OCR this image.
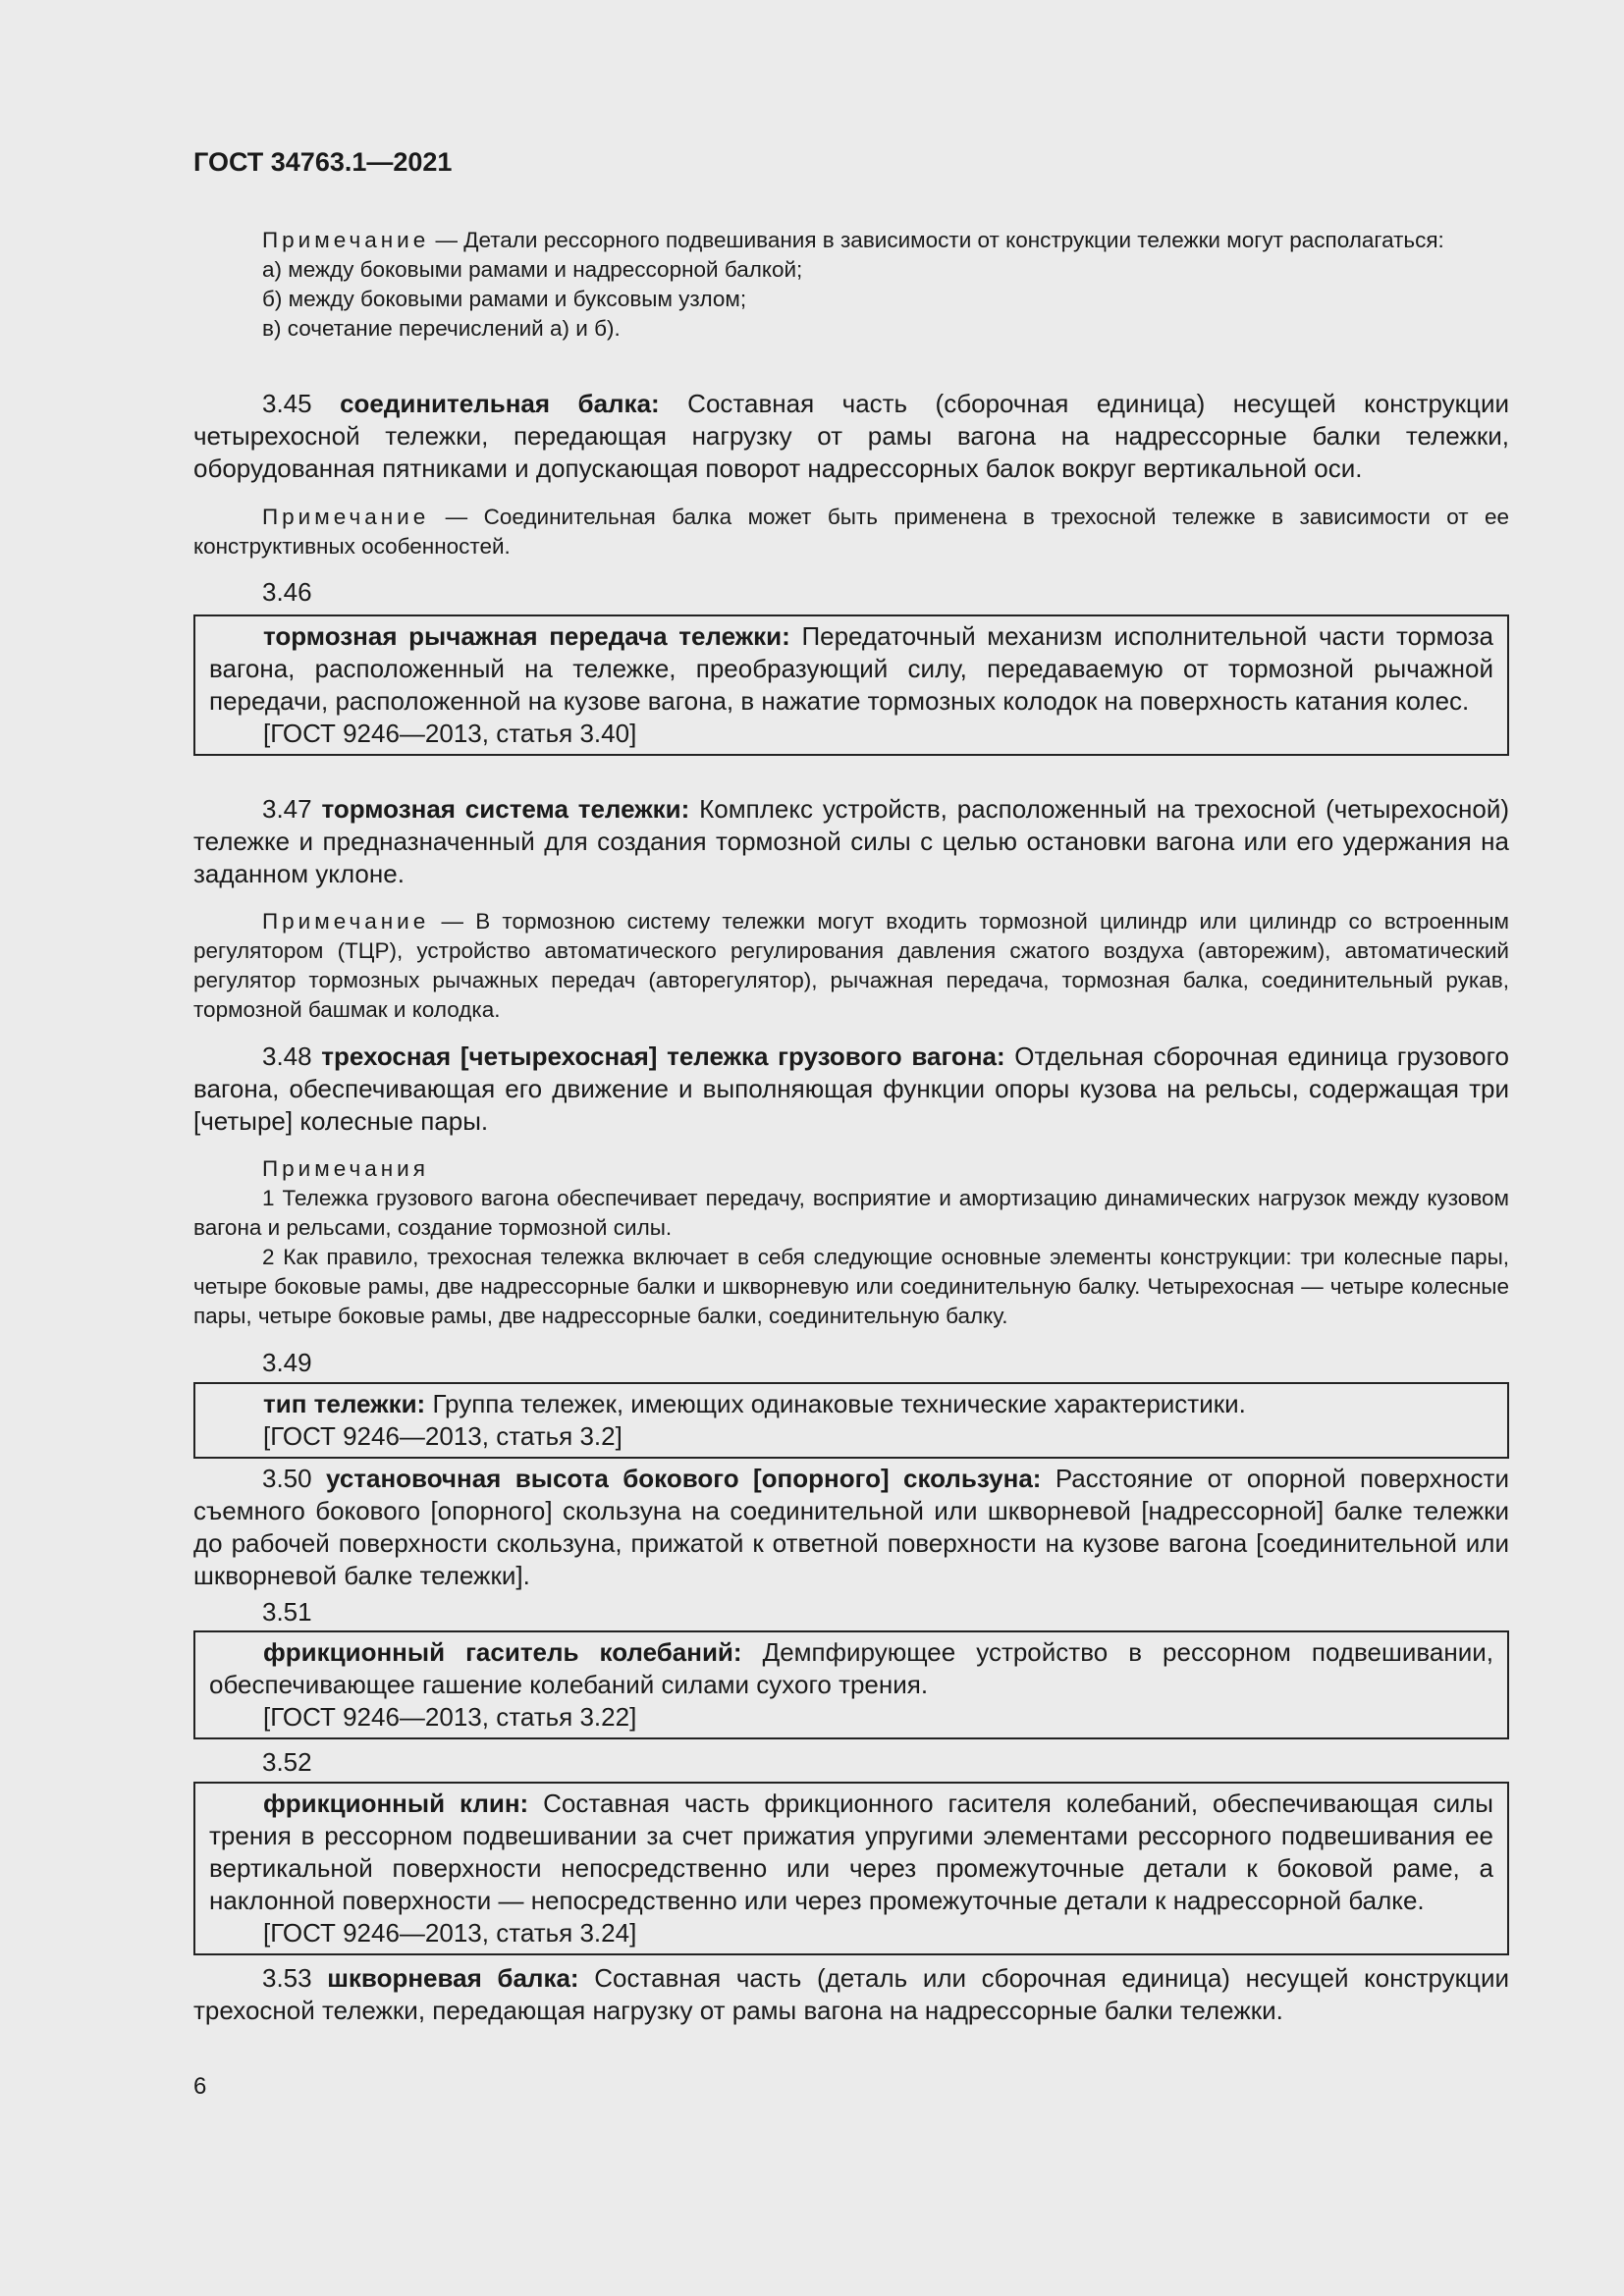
ГОСТ 34763.1—2021
Примечание — Детали рессорного подвешивания в зависимости от конструкции тележки могут располагаться:
а) между боковыми рамами и надрессорной балкой;
б) между боковыми рамами и буксовым узлом;
в) сочетание перечислений а) и б).

3.45 соединительная балка: Составная часть (сборочная единица) несущей конструкции четырехосной тележки, передающая нагрузку от рамы вагона на надрессорные балки тележки, оборудованная пятниками и допускающая поворот надрессорных балок вокруг вертикальной оси.

Примечание — Соединительная балка может быть применена в трехосной тележке в зависимости от ее конструктивных особенностей.

3.46

тормозная рычажная передача тележки: Передаточный механизм исполнительной части тормоза вагона, расположенный на тележке, преобразующий силу, передаваемую от тормозной рычажной передачи, расположенной на кузове вагона, в нажатие тормозных колодок на поверхность катания колес.

[ГОСТ 9246—2013, статья 3.40]

3.47 тормозная система тележки: Комплекс устройств, расположенный на трехосной (четырехосной) тележке и предназначенный для создания тормозной силы с целью остановки вагона или его удержания на заданном уклоне.

Примечание — В тормозною систему тележки могут входить тормозной цилиндр или цилиндр со встроенным регулятором (ТЦР), устройство автоматического регулирования давления сжатого воздуха (авторежим), автоматический регулятор тормозных рычажных передач (авторегулятор), рычажная передача, тормозная балка, соединительный рукав, тормозной башмак и колодка.

3.48 трехосная [четырехосная] тележка грузового вагона: Отдельная сборочная единица грузового вагона, обеспечивающая его движение и выполняющая функции опоры кузова на рельсы, содержащая три [четыре] колесные пары.

Примечания
1 Тележка грузового вагона обеспечивает передачу, восприятие и амортизацию динамических нагрузок между кузовом вагона и рельсами, создание тормозной силы.
2 Как правило, трехосная тележка включает в себя следующие основные элементы конструкции: три колесные пары, четыре боковые рамы, две надрессорные балки и шкворневую или соединительную балку. Четырехосная — четыре колесные пары, четыре боковые рамы, две надрессорные балки, соединительную балку.

3.49

тип тележки: Группа тележек, имеющих одинаковые технические характеристики.

[ГОСТ 9246—2013, статья 3.2]

3.50 установочная высота бокового [опорного] скользуна: Расстояние от опорной поверхности съемного бокового [опорного] скользуна на соединительной или шкворневой [надрессорной] балке тележки до рабочей поверхности скользуна, прижатой к ответной поверхности на кузове вагона [соединительной или шкворневой балке тележки].

3.51

фрикционный гаситель колебаний: Демпфирующее устройство в рессорном подвешивании, обеспечивающее гашение колебаний силами сухого трения.

[ГОСТ 9246—2013, статья 3.22]

3.52

фрикционный клин: Составная часть фрикционного гасителя колебаний, обеспечивающая силы трения в рессорном подвешивании за счет прижатия упругими элементами рессорного подвешивания ее вертикальной поверхности непосредственно или через промежуточные детали к боковой раме, а наклонной поверхности — непосредственно или через промежуточные детали к надрессорной балке.

[ГОСТ 9246—2013, статья 3.24]

3.53 шкворневая балка: Составная часть (деталь или сборочная единица) несущей конструкции трехосной тележки, передающая нагрузку от рамы вагона на надрессорные балки тележки.

6
